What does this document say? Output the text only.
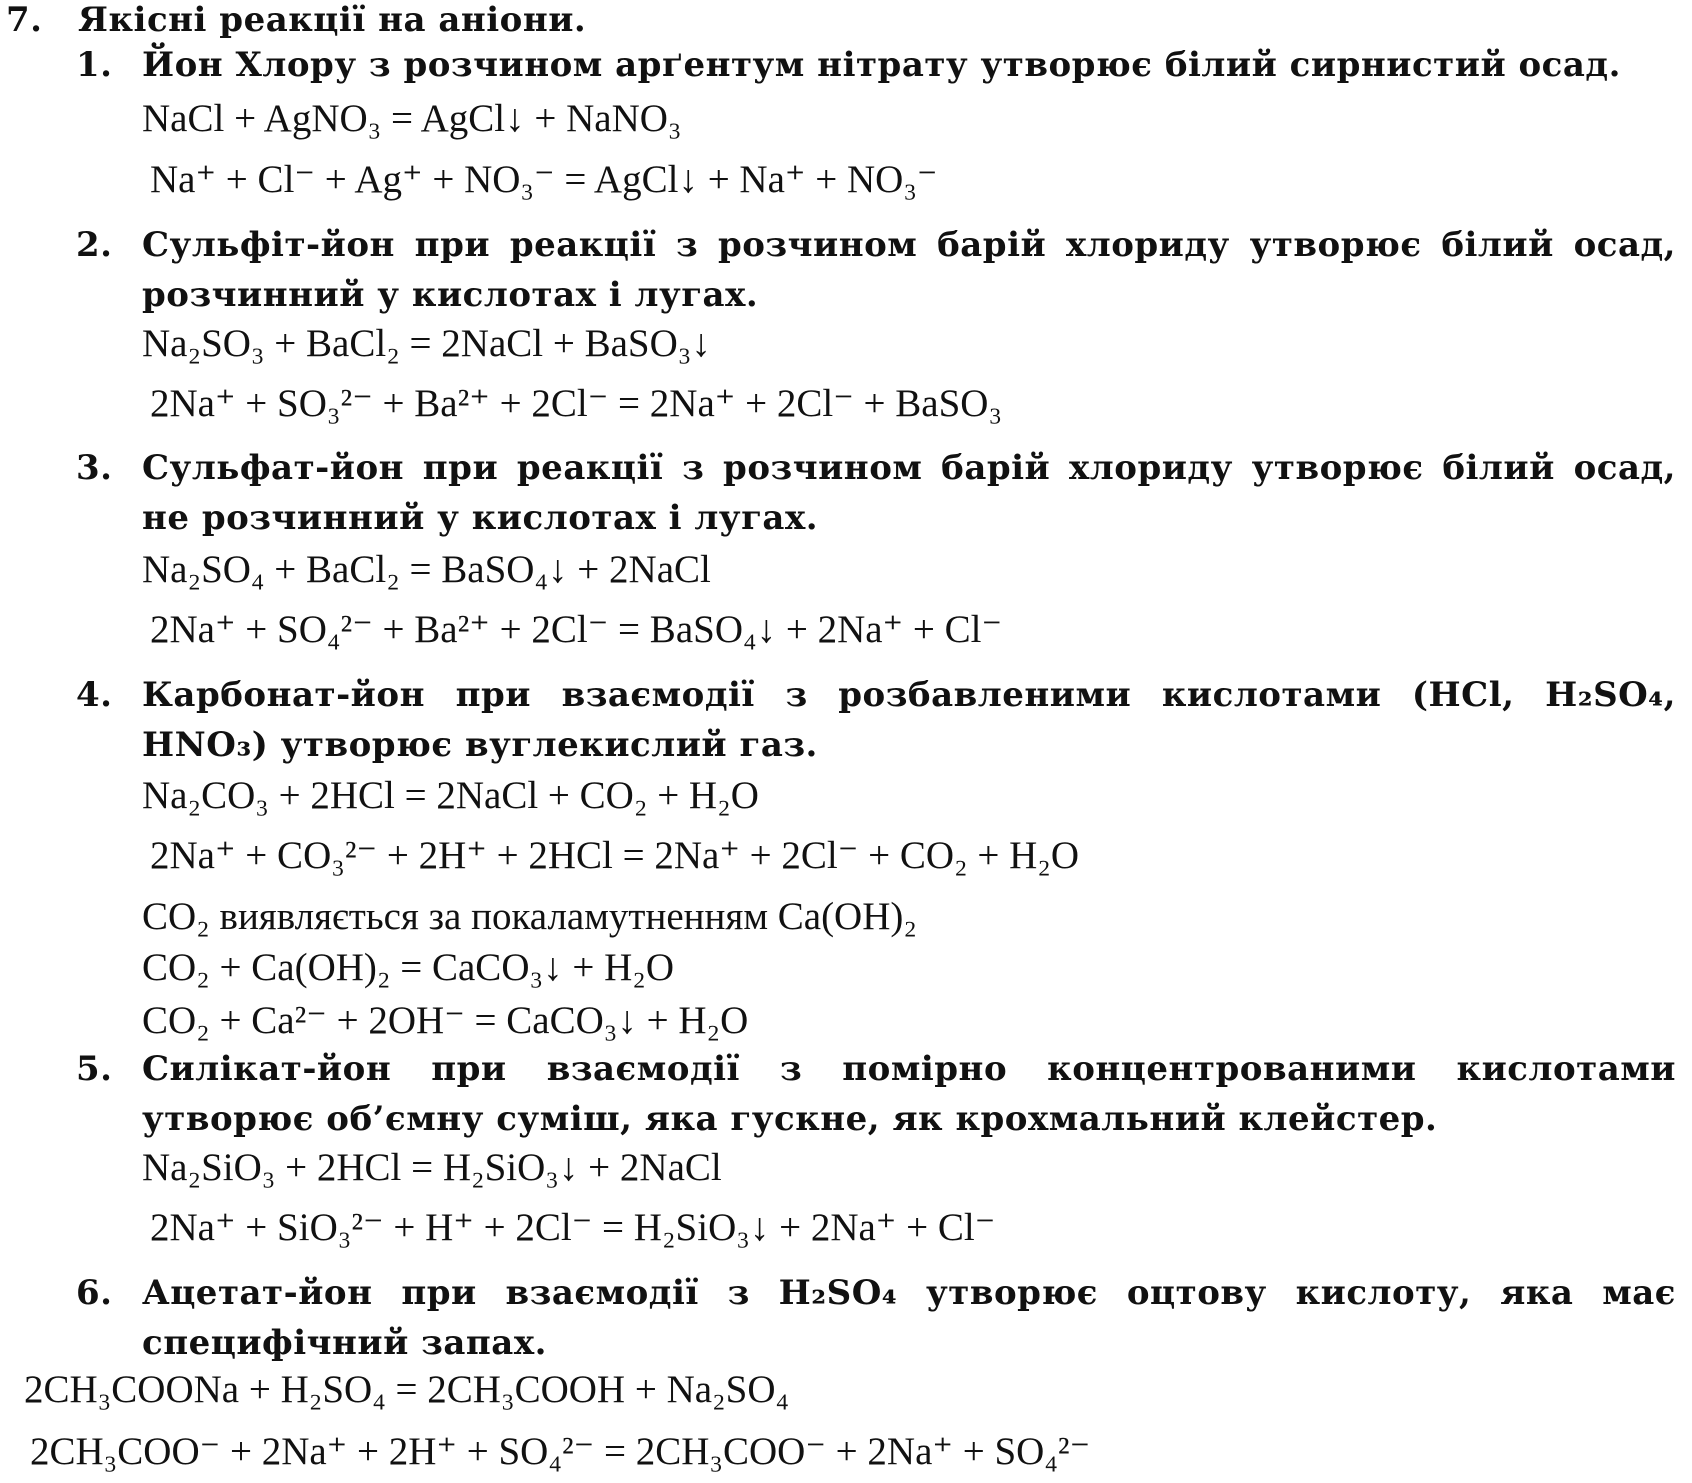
7. Якісні реакції на аніони.
1. Йон Хлору з розчином арґентум нітрату утворює білий сирнистий осад.
NaCl + AgNO₃ = AgCl↓ + NaNO₃
Na⁺ + Cl⁻ + Ag⁺ + NO₃⁻ = AgCl↓ + Na⁺ + NO₃⁻
2. Сульфіт-йон при реакції з розчином барій хлориду утворює білий осад, розчинний у кислотах і лугах.
Na₂SO₃ + BaCl₂ = 2NaCl + BaSO₃↓
2Na⁺ + SO₃²⁻ + Ba²⁺ + 2Cl⁻ = 2Na⁺ + 2Cl⁻ + BaSO₃
3. Сульфат-йон при реакції з розчином барій хлориду утворює білий осад, не розчинний у кислотах і лугах.
Na₂SO₄ + BaCl₂ = BaSO₄↓ + 2NaCl
2Na⁺ + SO₄²⁻ + Ba²⁺ + 2Cl⁻ = BaSO₄↓ + 2Na⁺ + Cl⁻
4. Карбонат-йон при взаємодії з розбавленими кислотами (HCl, H₂SO₄, HNO₃) утворює вуглекислий газ.
Na₂CO₃ + 2HCl = 2NaCl + CO₂ + H₂O
2Na⁺ + CO₃²⁻ + 2H⁺ + 2HCl = 2Na⁺ + 2Cl⁻ + CO₂ + H₂O
CO₂ виявляється за покаламутненням Ca(OH)₂
CO₂ + Ca(OH)₂ = CaCO₃↓ + H₂O
CO₂ + Ca²⁻ + 2OH⁻ = CaCO₃↓ + H₂O
5. Силікат-йон при взаємодії з помірно концентрованими кислотами утворює об’ємну суміш, яка гускне, як крохмальний клейстер.
Na₂SiO₃ + 2HCl = H₂SiO₃↓ + 2NaCl
2Na⁺ + SiO₃²⁻ + H⁺ + 2Cl⁻ = H₂SiO₃↓ + 2Na⁺ + Cl⁻
6. Ацетат-йон при взаємодії з H₂SO₄ утворює оцтову кислоту, яка має специфічний запах.
2CH₃COONa + H₂SO₄ = 2CH₃COOH + Na₂SO₄
2CH₃COO⁻ + 2Na⁺ + 2H⁺ + SO₄²⁻ = 2CH₃COO⁻ + 2Na⁺ + SO₄²⁻
